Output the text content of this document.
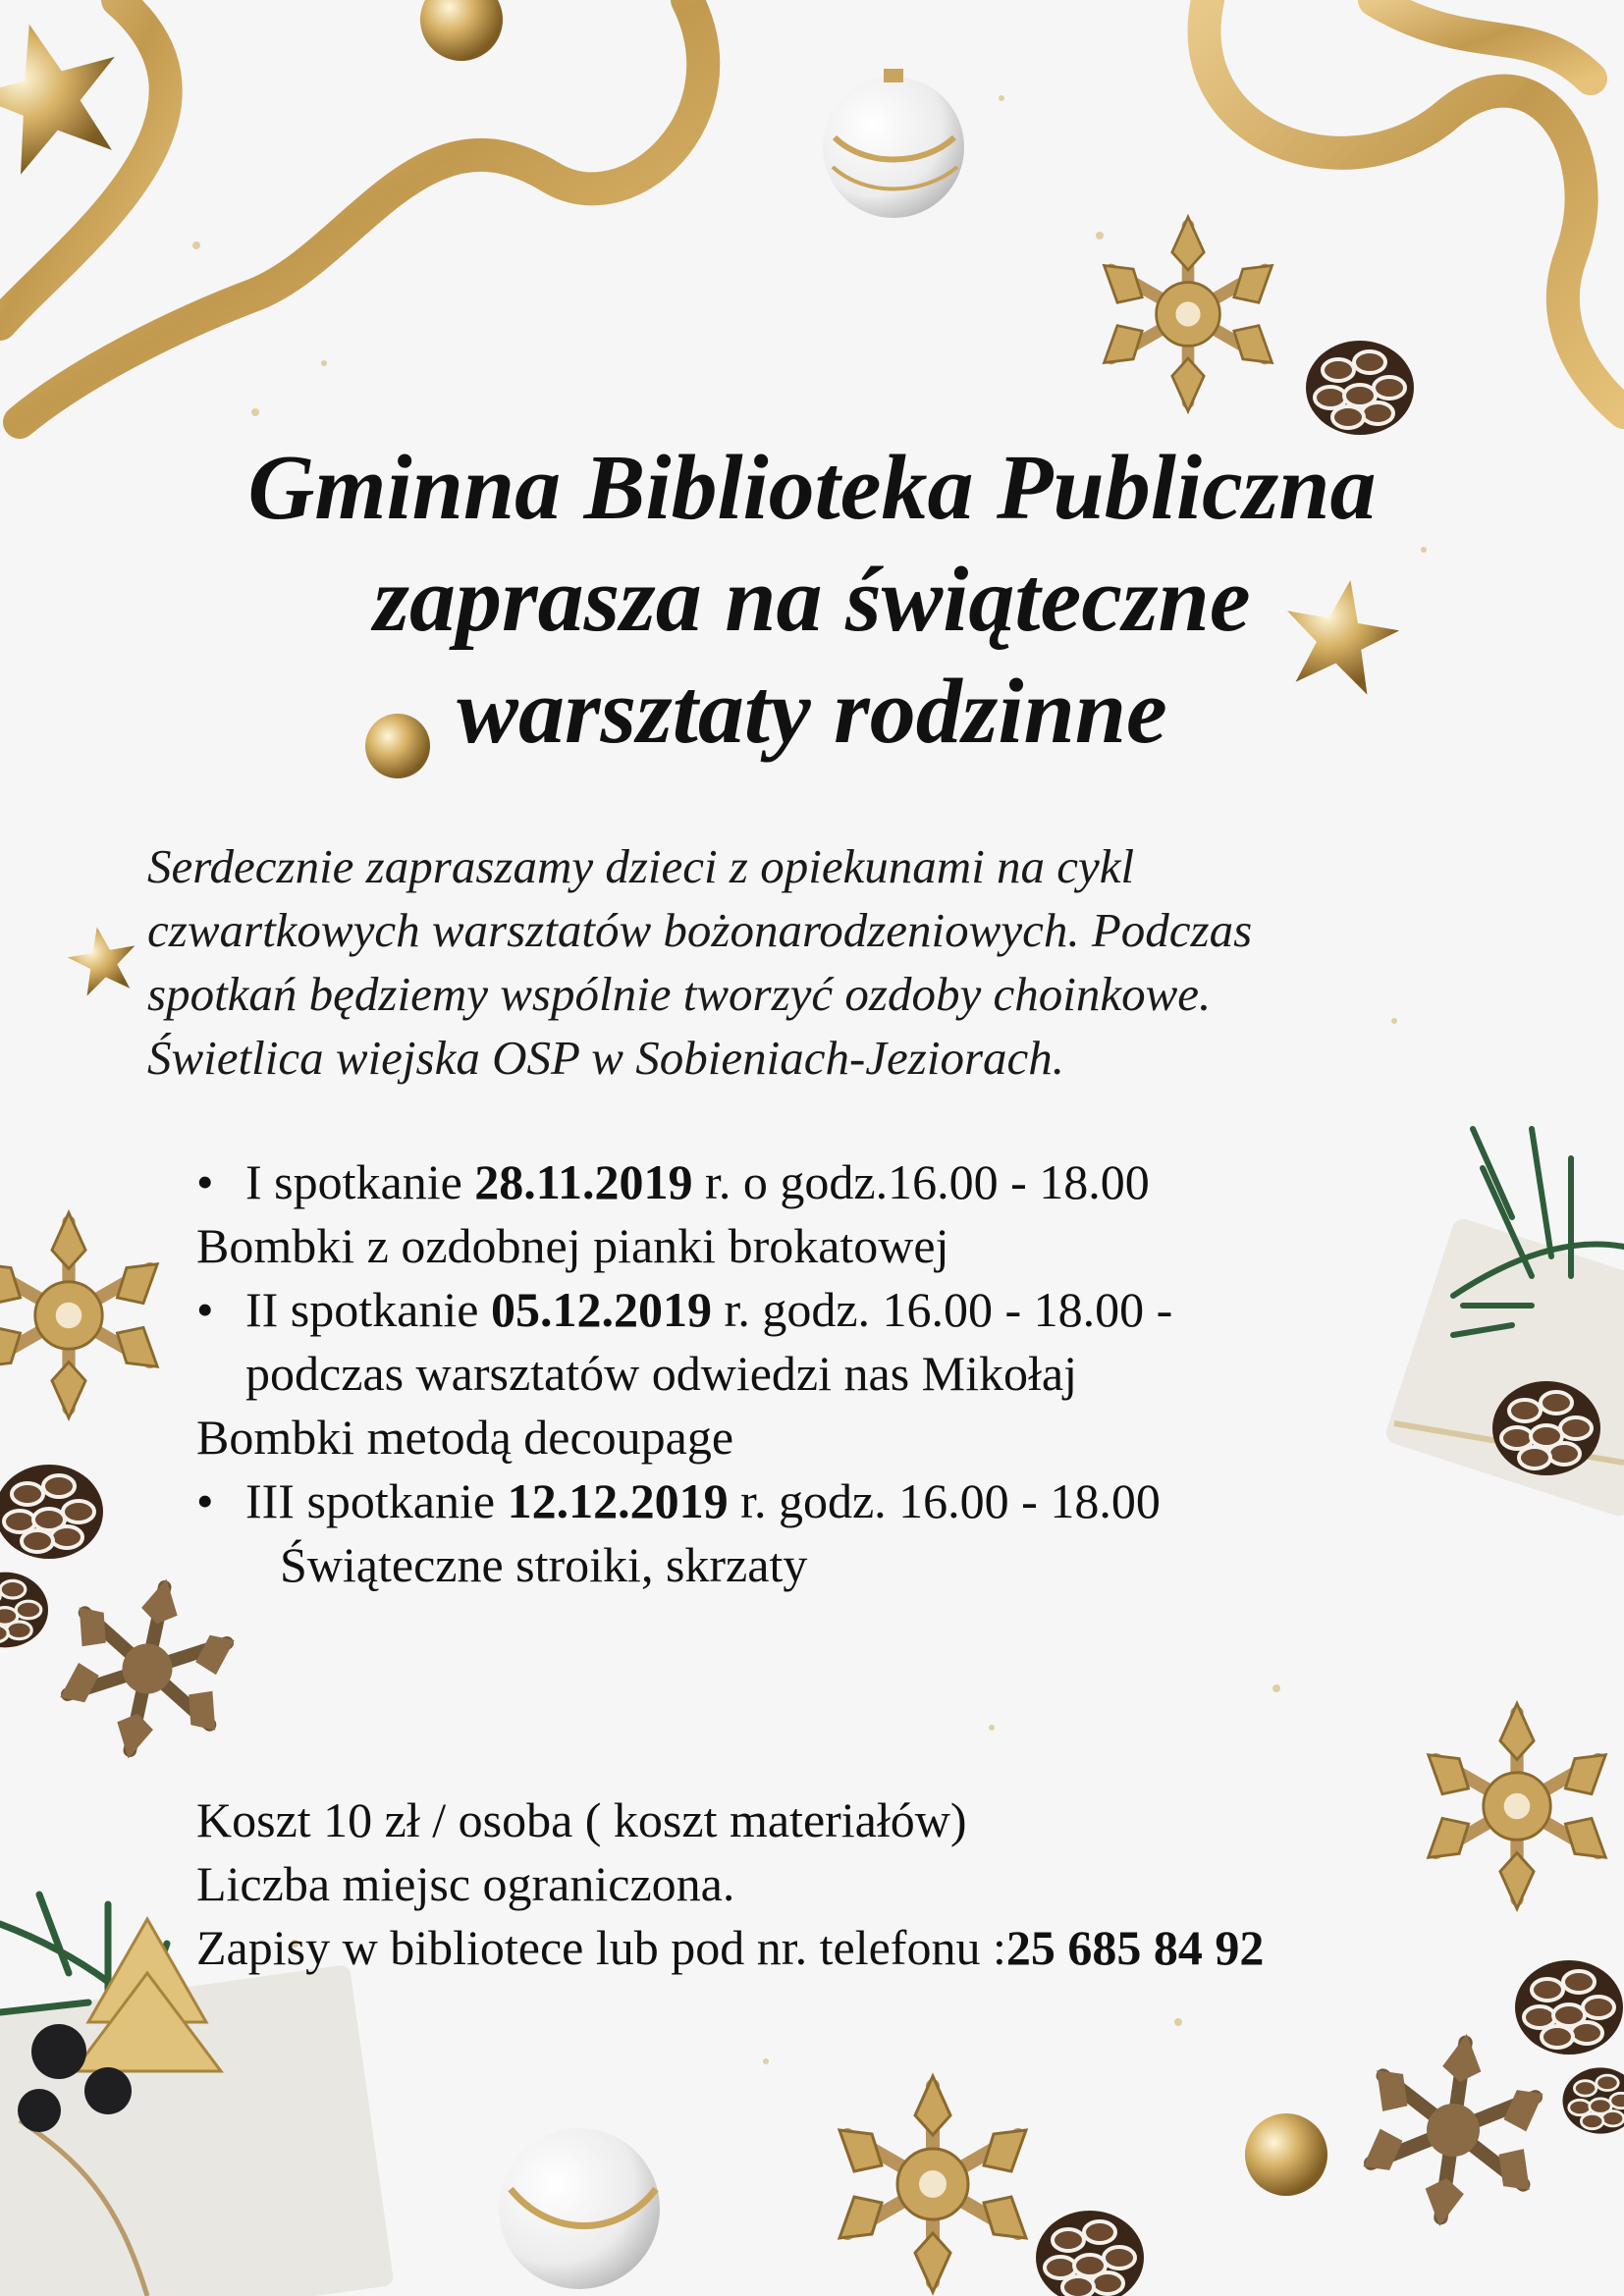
Gminna Biblioteka Publiczna
zaprasza na świąteczne
warsztaty rodzinne
Serdecznie zapraszamy dzieci z opiekunami na cykl
czwartkowych warsztatów bożonarodzeniowych. Podczas
spotkań będziemy wspólnie tworzyć ozdoby choinkowe.
Świetlica wiejska OSP w Sobieniach-Jeziorach.
• I spotkanie 28.11.2019 r. o godz.16.00 - 18.00
Bombki z ozdobnej pianki brokatowej
• II spotkanie 05.12.2019 r. godz. 16.00 - 18.00 -
podczas warsztatów odwiedzi nas Mikołaj
Bombki metodą decoupage
• III spotkanie 12.12.2019 r. godz. 16.00 - 18.00
Świąteczne stroiki, skrzaty
Koszt 10 zł / osoba ( koszt materiałów)
Liczba miejsc ograniczona.
Zapisy w bibliotece lub pod nr. telefonu :25 685 84 92
